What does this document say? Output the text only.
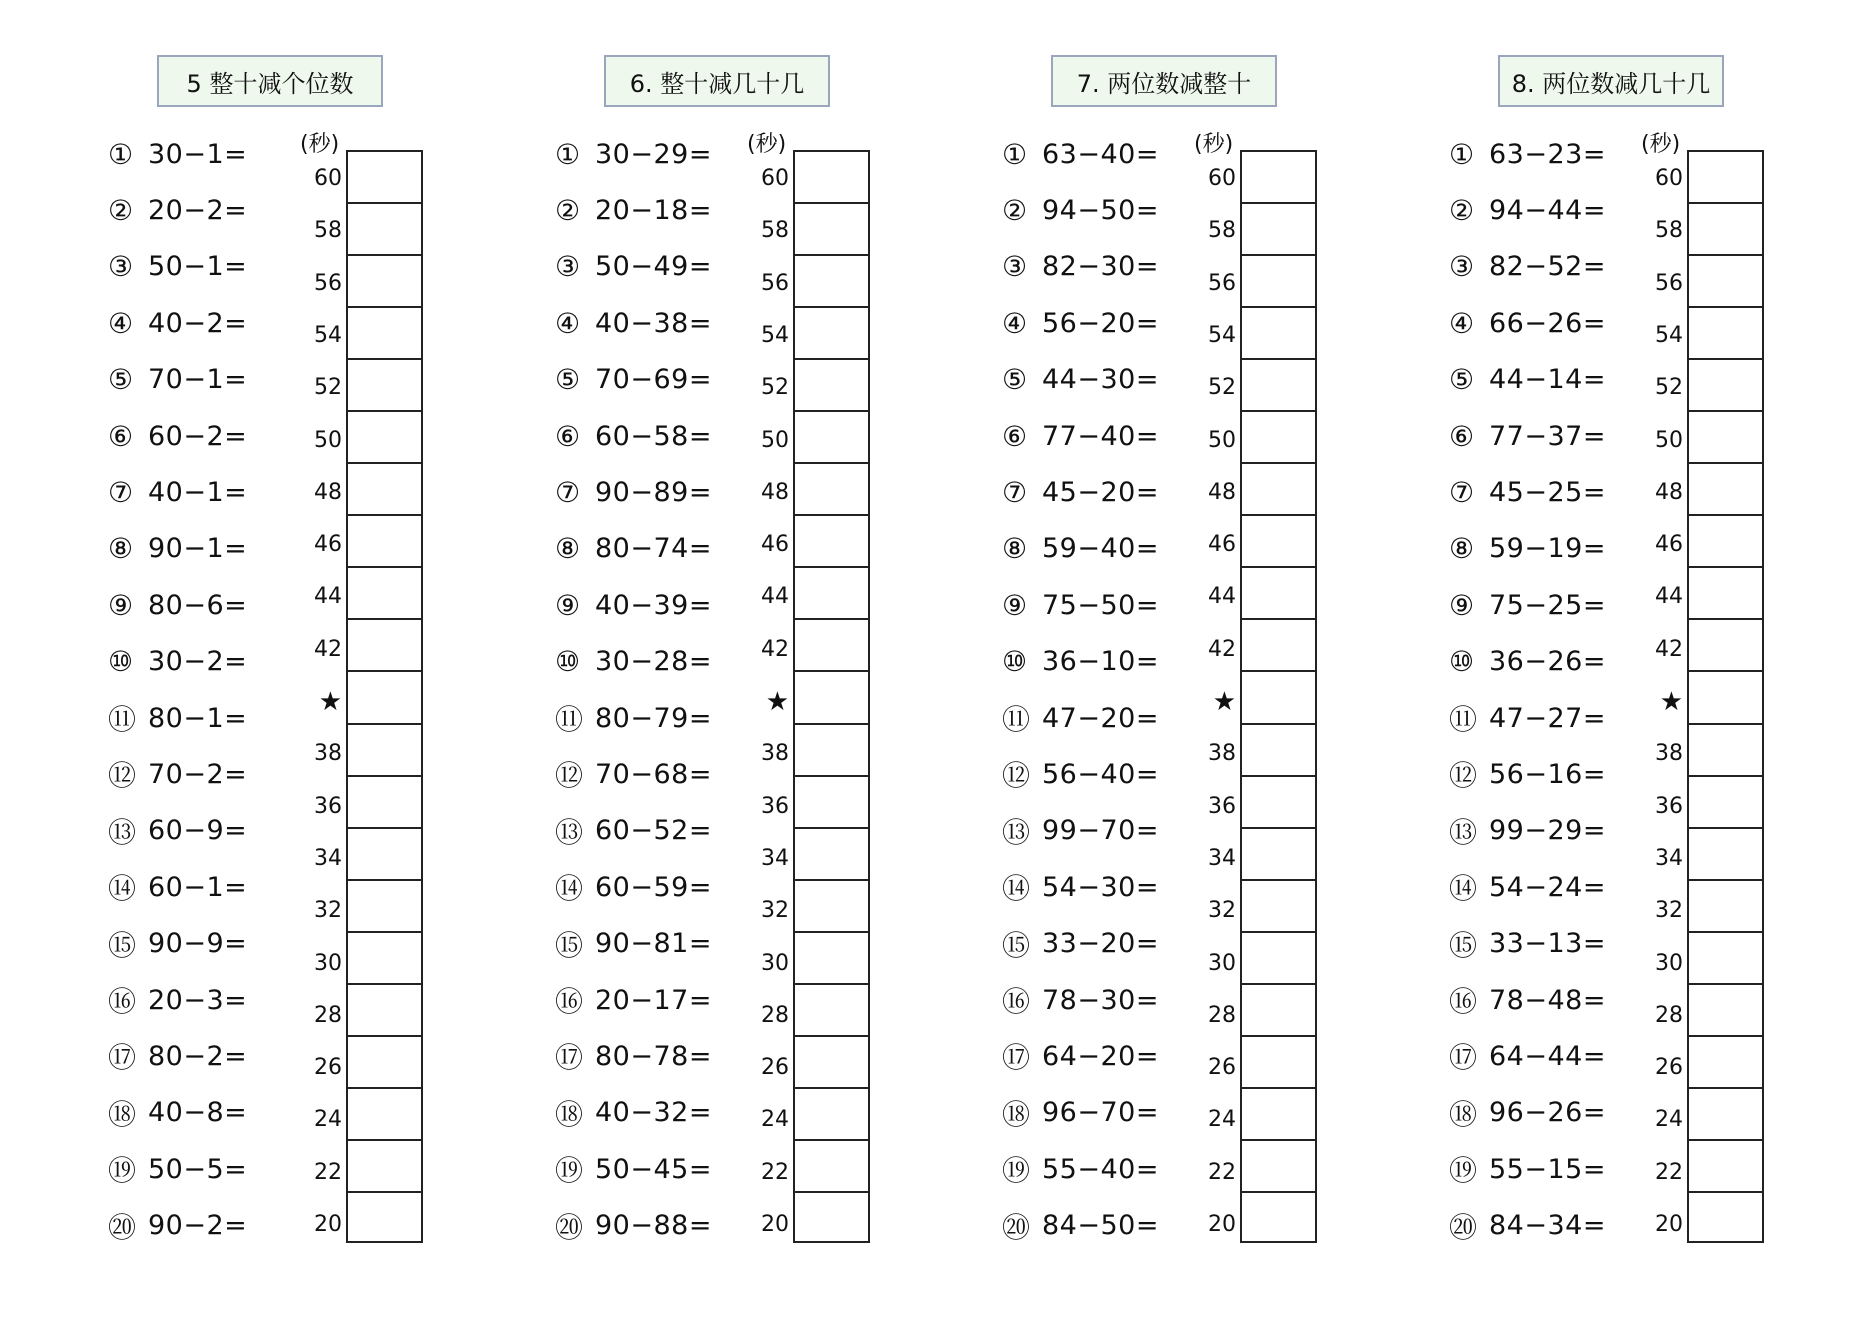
5 整十减个位数
① 30−1=
② 20−2=
③ 50−1=
④ 40−2=
⑤ 70−1=
⑥ 60−2=
⑦ 40−1=
⑧ 90−1=
⑨ 80−6=
⑩ 30−2=
⑪ 80−1=
⑫ 70−2=
⑬ 60−9=
⑭ 60−1=
⑮ 90−9=
⑯ 20−3=
⑰ 80−2=
⑱ 40−8=
⑲ 50−5=
⑳ 90−2=
(秒)
60
58
56
54
52
50
48
46
44
42
★
38
36
34
32
30
28
26
24
22
20
6. 整十减几十几
① 30−29=
② 20−18=
③ 50−49=
④ 40−38=
⑤ 70−69=
⑥ 60−58=
⑦ 90−89=
⑧ 80−74=
⑨ 40−39=
⑩ 30−28=
⑪ 80−79=
⑫ 70−68=
⑬ 60−52=
⑭ 60−59=
⑮ 90−81=
⑯ 20−17=
⑰ 80−78=
⑱ 40−32=
⑲ 50−45=
⑳ 90−88=
(秒)
60
58
56
54
52
50
48
46
44
42
★
38
36
34
32
30
28
26
24
22
20
7. 两位数减整十
① 63−40=
② 94−50=
③ 82−30=
④ 56−20=
⑤ 44−30=
⑥ 77−40=
⑦ 45−20=
⑧ 59−40=
⑨ 75−50=
⑩ 36−10=
⑪ 47−20=
⑫ 56−40=
⑬ 99−70=
⑭ 54−30=
⑮ 33−20=
⑯ 78−30=
⑰ 64−20=
⑱ 96−70=
⑲ 55−40=
⑳ 84−50=
(秒)
60
58
56
54
52
50
48
46
44
42
★
38
36
34
32
30
28
26
24
22
20
8. 两位数减几十几
① 63−23=
② 94−44=
③ 82−52=
④ 66−26=
⑤ 44−14=
⑥ 77−37=
⑦ 45−25=
⑧ 59−19=
⑨ 75−25=
⑩ 36−26=
⑪ 47−27=
⑫ 56−16=
⑬ 99−29=
⑭ 54−24=
⑮ 33−13=
⑯ 78−48=
⑰ 64−44=
⑱ 96−26=
⑲ 55−15=
⑳ 84−34=
(秒)
60
58
56
54
52
50
48
46
44
42
★
38
36
34
32
30
28
26
24
22
20
